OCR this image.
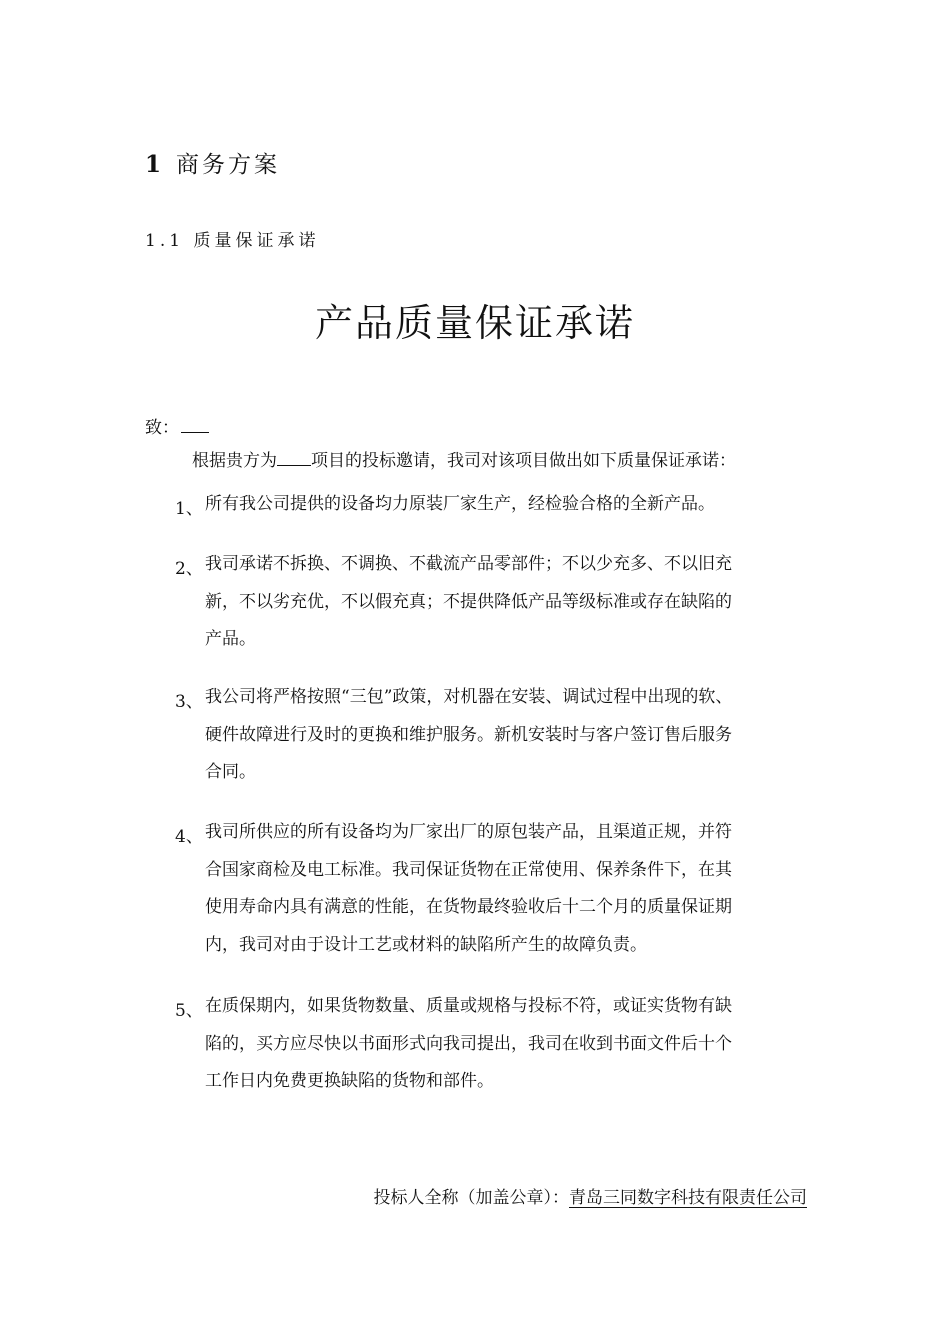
1 商务方案
1.1 质量保证承诺
产品质量保证承诺
致：
根据贵方为 项目的投标邀请，我司对该项目做出如下质量保证承诺：
1、 所有我公司提供的设备均力原装厂家生产，经检验合格的全新产品。
2、 我司承诺不拆换、不调换、不截流产品零部件；不以少充多、不以旧充
新，不以劣充优，不以假充真；不提供降低产品等级标准或存在缺陷的
产品。
3、 我公司将严格按照“三包”政策，对机器在安装、调试过程中出现的软、
硬件故障进行及时的更换和维护服务。新机安装时与客户签订售后服务
合同。
4、 我司所供应的所有设备均为厂家出厂的原包装产品，且渠道正规，并符
合国家商检及电工标准。我司保证货物在正常使用、保养条件下，在其
使用寿命内具有满意的性能，在货物最终验收后十二个月的质量保证期
内，我司对由于设计工艺或材料的缺陷所产生的故障负责。
5、 在质保期内，如果货物数量、质量或规格与投标不符，或证实货物有缺
陷的，买方应尽快以书面形式向我司提出，我司在收到书面文件后十个
工作日内免费更换缺陷的货物和部件。
投标人全称（加盖公章）：青岛三同数字科技有限责任公司
